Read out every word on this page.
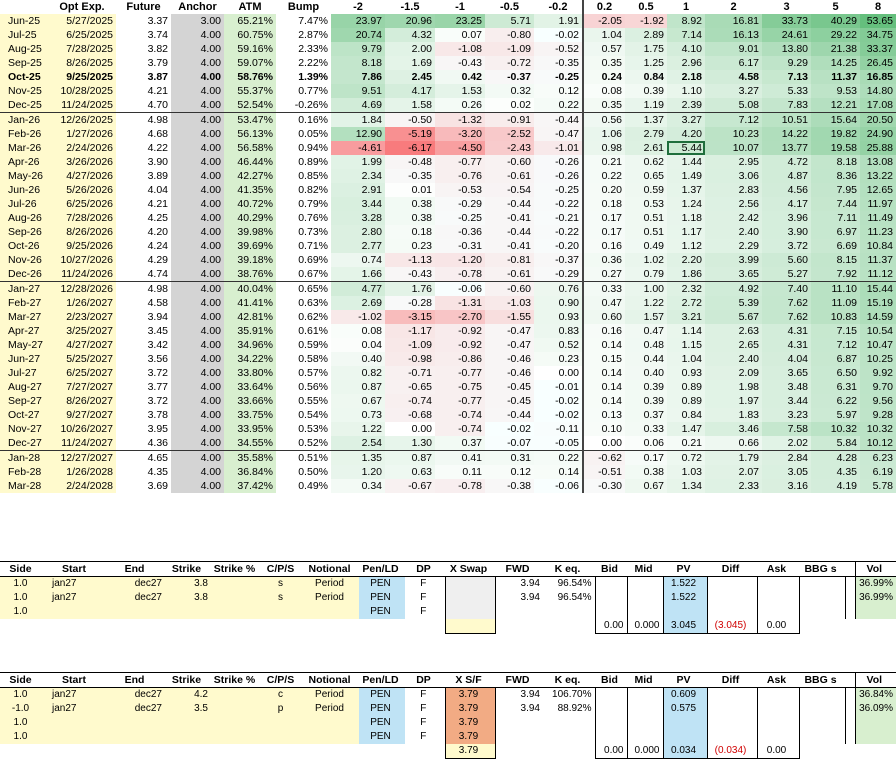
	Opt Exp.	Future	Anchor	ATM	Bump	-2	-1.5	-1	-0.5	-0.2	0.2	0.5	1	2	3	5	8
Jun-25	5/27/2025	3.37	3.00	65.21%	7.47%	23.97	20.96	23.25	5.71	1.91	-2.05	-1.92	8.92	16.81	33.73	40.29	53.65
Jul-25	6/25/2025	3.74	4.00	60.75%	2.87%	20.74	4.32	0.07	-0.80	-0.02	1.04	2.89	7.14	16.13	24.61	29.22	34.75
Aug-25	7/28/2025	3.82	4.00	59.16%	2.33%	9.79	2.00	-1.08	-1.09	-0.52	0.57	1.75	4.10	9.01	13.80	21.38	33.37
Sep-25	8/26/2025	3.79	4.00	59.07%	2.22%	8.18	1.69	-0.43	-0.72	-0.35	0.35	1.25	2.96	6.17	9.29	14.25	26.45
Oct-25	9/25/2025	3.87	4.00	58.76%	1.39%	7.86	2.45	0.42	-0.37	-0.25	0.24	0.84	2.18	4.58	7.13	11.37	16.85
Nov-25	10/28/2025	4.21	4.00	55.37%	0.77%	9.51	4.17	1.53	0.32	0.12	0.08	0.39	1.10	3.27	5.33	9.53	14.80
Dec-25	11/24/2025	4.70	4.00	52.54%	-0.26%	4.69	1.58	0.26	0.02	0.22	0.35	1.19	2.39	5.08	7.83	12.21	17.08
Jan-26	12/26/2025	4.98	4.00	53.47%	0.16%	1.84	-0.50	-1.32	-0.91	-0.44	0.56	1.37	3.27	7.12	10.51	15.64	20.50
Feb-26	1/27/2026	4.68	4.00	56.13%	0.05%	12.90	-5.19	-3.20	-2.52	-0.47	1.06	2.79	4.20	10.23	14.22	19.82	24.90
Mar-26	2/24/2026	4.22	4.00	56.58%	0.94%	-4.61	-6.17	-4.50	-2.43	-1.01	0.98	2.61	5.44	10.07	13.77	19.58	25.88
Apr-26	3/26/2026	3.90	4.00	46.44%	0.89%	1.99	-0.48	-0.77	-0.60	-0.26	0.21	0.62	1.44	2.95	4.72	8.18	13.08
May-26	4/27/2026	3.89	4.00	42.27%	0.85%	2.34	-0.35	-0.76	-0.61	-0.26	0.22	0.65	1.49	3.06	4.87	8.36	13.22
Jun-26	5/26/2026	4.04	4.00	41.35%	0.82%	2.91	0.01	-0.53	-0.54	-0.25	0.20	0.59	1.37	2.83	4.56	7.95	12.65
Jul-26	6/25/2026	4.21	4.00	40.72%	0.79%	3.44	0.38	-0.29	-0.44	-0.22	0.18	0.53	1.24	2.56	4.17	7.44	11.97
Aug-26	7/28/2026	4.25	4.00	40.29%	0.76%	3.28	0.38	-0.25	-0.41	-0.21	0.17	0.51	1.18	2.42	3.96	7.11	11.49
Sep-26	8/26/2026	4.20	4.00	39.98%	0.73%	2.80	0.18	-0.36	-0.44	-0.22	0.17	0.51	1.17	2.40	3.90	6.97	11.23
Oct-26	9/25/2026	4.24	4.00	39.69%	0.71%	2.77	0.23	-0.31	-0.41	-0.20	0.16	0.49	1.12	2.29	3.72	6.69	10.84
Nov-26	10/27/2026	4.29	4.00	39.18%	0.69%	0.74	-1.13	-1.20	-0.81	-0.37	0.36	1.02	2.20	3.99	5.60	8.15	11.37
Dec-26	11/24/2026	4.74	4.00	38.76%	0.67%	1.66	-0.43	-0.78	-0.61	-0.29	0.27	0.79	1.86	3.65	5.27	7.92	11.12
Jan-27	12/28/2026	4.98	4.00	40.04%	0.65%	4.77	1.76	-0.06	-0.60	0.76	0.33	1.00	2.32	4.92	7.40	11.10	15.44
Feb-27	1/26/2027	4.58	4.00	41.41%	0.63%	2.69	-0.28	-1.31	-1.03	0.90	0.47	1.22	2.72	5.39	7.62	11.09	15.19
Mar-27	2/23/2027	3.94	4.00	42.81%	0.62%	-1.02	-3.15	-2.70	-1.55	0.93	0.60	1.57	3.21	5.67	7.62	10.83	14.59
Apr-27	3/25/2027	3.45	4.00	35.91%	0.61%	0.08	-1.17	-0.92	-0.47	0.83	0.16	0.47	1.14	2.63	4.31	7.15	10.54
May-27	4/27/2027	3.42	4.00	34.96%	0.59%	0.04	-1.09	-0.92	-0.47	0.52	0.14	0.48	1.15	2.65	4.31	7.12	10.47
Jun-27	5/25/2027	3.56	4.00	34.22%	0.58%	0.40	-0.98	-0.86	-0.46	0.23	0.15	0.44	1.04	2.40	4.04	6.87	10.25
Jul-27	6/25/2027	3.72	4.00	33.80%	0.57%	0.82	-0.71	-0.77	-0.46	0.00	0.14	0.40	0.93	2.09	3.65	6.50	9.92
Aug-27	7/27/2027	3.77	4.00	33.64%	0.56%	0.87	-0.65	-0.75	-0.45	-0.01	0.14	0.39	0.89	1.98	3.48	6.31	9.70
Sep-27	8/26/2027	3.72	4.00	33.66%	0.55%	0.67	-0.74	-0.77	-0.45	-0.02	0.14	0.39	0.89	1.97	3.44	6.22	9.56
Oct-27	9/27/2027	3.78	4.00	33.75%	0.54%	0.73	-0.68	-0.74	-0.44	-0.02	0.13	0.37	0.84	1.83	3.23	5.97	9.28
Nov-27	10/26/2027	3.95	4.00	33.95%	0.53%	1.22	0.00	-0.74	-0.02	-0.11	0.10	0.33	1.47	3.46	7.58	10.32	10.32
Dec-27	11/24/2027	4.36	4.00	34.55%	0.52%	2.54	1.30	0.37	-0.07	-0.05	0.00	0.06	0.21	0.66	2.02	5.84	10.12
Jan-28	12/27/2027	4.65	4.00	35.58%	0.51%	1.35	0.87	0.41	0.31	0.22	-0.62	0.17	0.72	1.79	2.84	4.28	6.23
Feb-28	1/26/2028	4.35	4.00	36.84%	0.50%	1.20	0.63	0.11	0.12	0.14	-0.51	0.38	1.03	2.07	3.05	4.35	6.19
Mar-28	2/24/2028	3.69	4.00	37.42%	0.49%	0.34	-0.67	-0.78	-0.38	-0.06	-0.30	0.67	1.34	2.33	3.16	4.19	5.78
Side	Start	End	Strike	Strike %	C/P/S	Notional	Pen/LD	DP	X Swap	FWD	K eq.	Bid	Mid	PV	Diff	Ask	BBG s		Vol
1.0	jan27	dec27	3.8		s	Period	PEN	F		3.94	96.54%			1.522					36.99%
1.0	jan27	dec27	3.8		s	Period	PEN	F		3.94	96.54%			1.522					36.99%
1.0							PEN	F											
												0.00	0.000	3.045	(3.045)	0.00			
Side	Start	End	Strike	Strike %	C/P/S	Notional	Pen/LD	DP	X S/F	FWD	K eq.	Bid	Mid	PV	Diff	Ask	BBG s		Vol
1.0	jan27	dec27	4.2		c	Period	PEN	F	3.79	3.94	106.70%			0.609					36.84%
-1.0	jan27	dec27	3.5		p	Period	PEN	F	3.79	3.94	88.92%			0.575					36.09%
1.0							PEN	F	3.79										
1.0							PEN	F	3.79										
									3.79			0.00	0.000	0.034	(0.034)	0.00			
